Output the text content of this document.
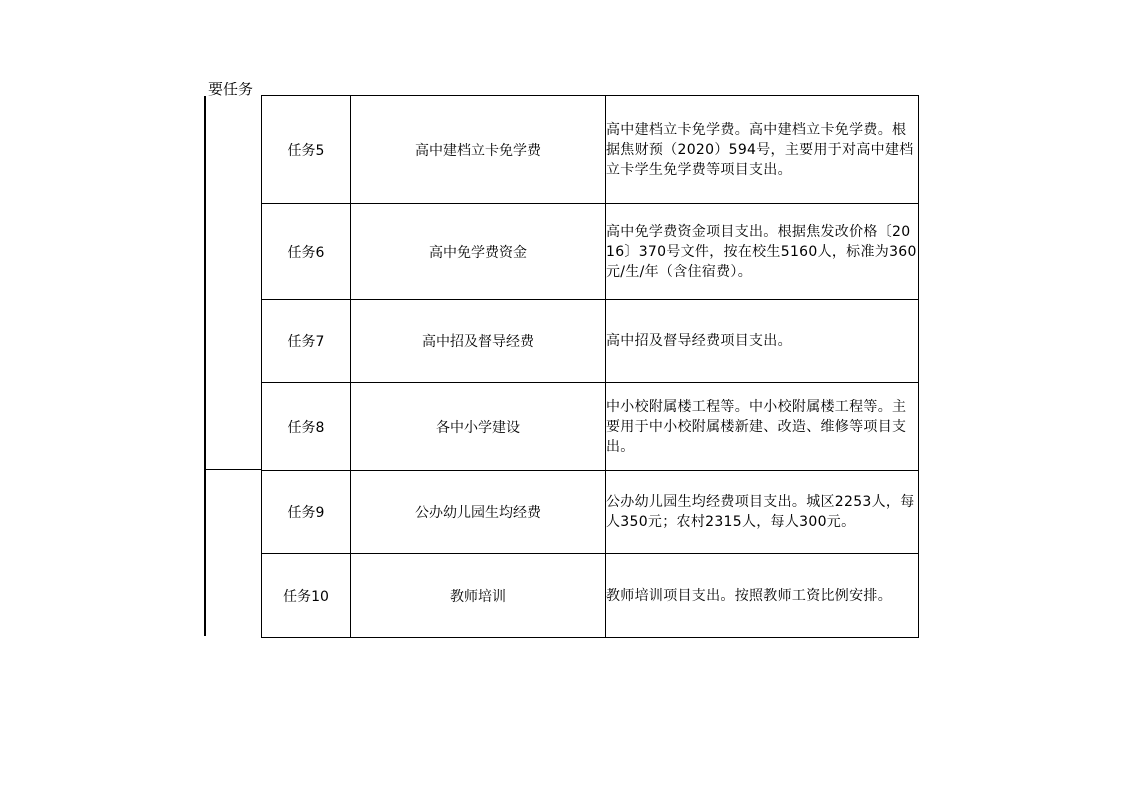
要任务
任务5	高中建档立卡免学费	高中建档立卡免学费。高中建档立卡免学费。根据焦财预（2020）594号，主要用于对高中建档立卡学生免学费等项目支出。

任务6	高中免学费资金	高中免学费资金项目支出。根据焦发改价格〔2016〕370号文件，按在校生5160人，标准为360元/生/年（含住宿费）。

任务7	高中招及督导经费	高中招及督导经费项目支出。

任务8	各中小学建设	中小校附属楼工程等。中小校附属楼工程等。主要用于中小校附属楼新建、改造、维修等项目支出。

任务9	公办幼儿园生均经费	公办幼儿园生均经费项目支出。城区2253人，每人350元；农村2315人，每人300元。

任务10	教师培训	教师培训项目支出。按照教师工资比例安排。
